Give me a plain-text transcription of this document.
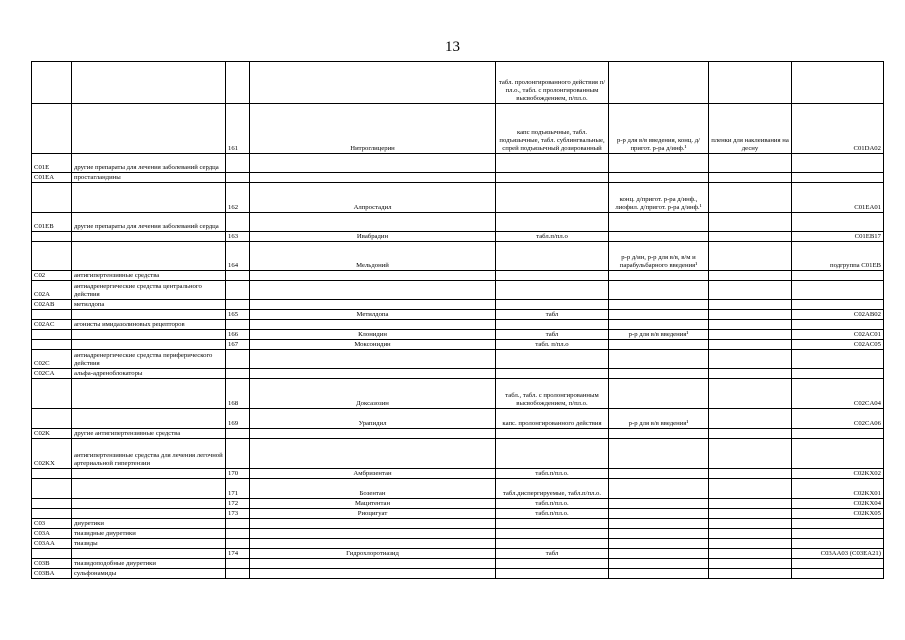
13
				табл. пролонгированного действия п/пл.о., табл. с пролонгированным высвобождением, п/пл.о.			
		161	Нитроглицерин	капс подъязычные, табл. подъязычные, табл. сублингвальные, спрей подъязычный дозированный	р-р для в/в введения, конц. д/пригот. р-ра д/инф.¹	пленки для наклеивания на десну	C01DA02
C01E	другие препараты для лечения заболеваний сердца						
C01EA	простагландины						
		162	Алпростадил		конц. д/пригот. р-ра д/инф., лиофил. д/пригот. р-ра д/инф.¹		C01EA01
C01EB	другие препараты для лечения заболеваний сердца						
		163	Ивабрадин	табл.п/пл.о			C01EB17
		164	Мельдоний		р-р д/ин, р-р для в/в, в/м и парабульбарного введения¹		подгруппа C01EB
C02	антигипертензивные средства						
C02A	антиадренергические средства центрального действия						
C02AB	метилдопа						
		165	Метилдопа	табл			C02AB02
C02AC	агонисты имидазолиновых рецепторов						
		166	Клонидин	табл	р-р для в/в введения¹		C02AC01
		167	Моксонидин	табл. п/пл.о			C02AC05
C02C	антиадренергические средства периферического действия						
C02CA	альфа-адреноблокаторы						
		168	Доксазозин	табл., табл. с пролонгированным высвобождением, п/пл.о.			C02CA04
		169	Урапидил	капс. пролонгированного действия	р-р для в/в введения¹		C02CA06
C02K	другие антигипертензивные средства						
C02KX	антигипертензивные средства для лечения легочной артериальной гипертензии						
		170	Амбризентан	табл.п/пл.о.			C02KX02
		171	Бозентан	табл.диспергируемые, табл.п/пл.о.			C02KX01
		172	Мацитентан	табл.п/пл.о.			C02KX04
		173	Риоцигуат	табл.п/пл.о.			C02KX05
C03	диуретики						
C03A	тиазидные диуретики						
C03AA	тиазиды						
		174	Гидрохлоротиазид	табл			C03AA03 (C03EA21)
C03B	тиазидоподобные диуретики						
C03BA	сульфонамиды						
